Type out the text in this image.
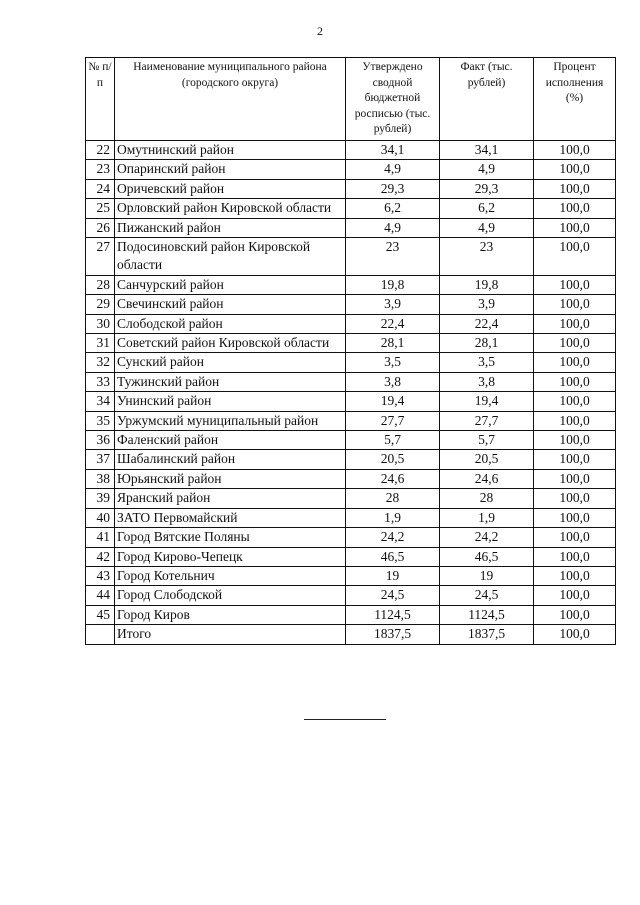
2
№ п/п	Наименование муниципального района (городского округа)	Утверждено сводной бюджетной росписью (тыс. рублей)	Факт (тыс. рублей)	Процент исполнения (%)
22	Омутнинский район	34,1	34,1	100,0
23	Опаринский район	4,9	4,9	100,0
24	Оричевский район	29,3	29,3	100,0
25	Орловский район Кировской области	6,2	6,2	100,0
26	Пижанский район	4,9	4,9	100,0
27	Подосиновский район Кировской области	23	23	100,0
28	Санчурский район	19,8	19,8	100,0
29	Свечинский район	3,9	3,9	100,0
30	Слободской район	22,4	22,4	100,0
31	Советский район Кировской области	28,1	28,1	100,0
32	Сунский район	3,5	3,5	100,0
33	Тужинский район	3,8	3,8	100,0
34	Унинский район	19,4	19,4	100,0
35	Уржумский муниципальный район	27,7	27,7	100,0
36	Фаленский район	5,7	5,7	100,0
37	Шабалинский район	20,5	20,5	100,0
38	Юрьянский район	24,6	24,6	100,0
39	Яранский район	28	28	100,0
40	ЗАТО Первомайский	1,9	1,9	100,0
41	Город Вятские Поляны	24,2	24,2	100,0
42	Город Кирово-Чепецк	46,5	46,5	100,0
43	Город Котельнич	19	19	100,0
44	Город Слободской	24,5	24,5	100,0
45	Город Киров	1124,5	1124,5	100,0
	Итого	1837,5	1837,5	100,0
